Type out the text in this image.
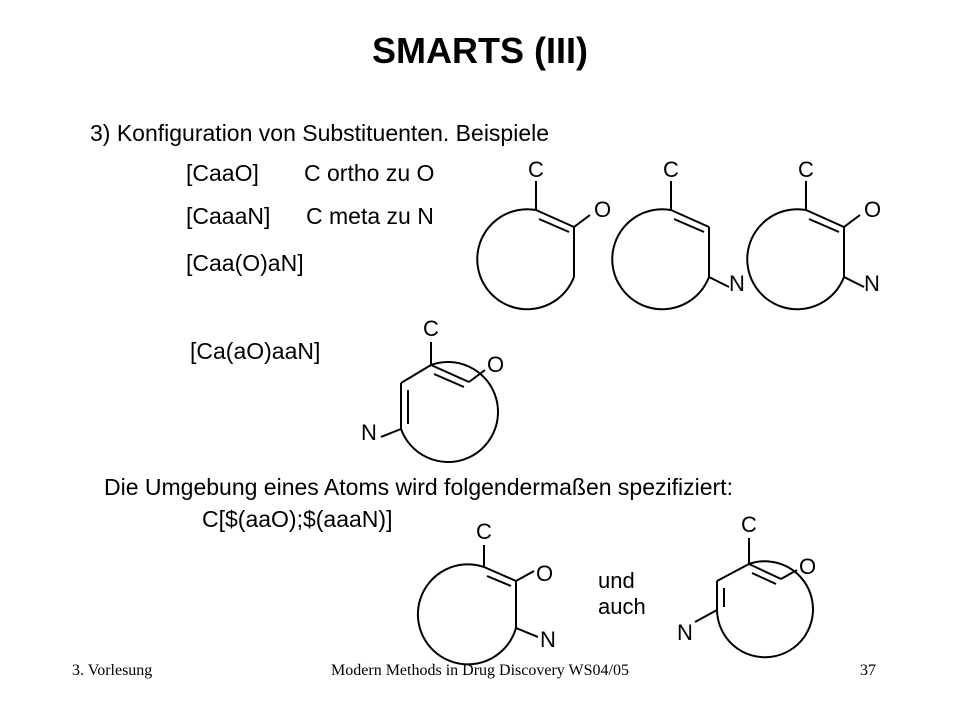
SMARTS (III)
3) Konfiguration von Substituenten. Beispiele
[CaaO] C ortho zu O
[CaaaN] C meta zu N
[Caa(O)aN]
[Ca(aO)aaN]
Die Umgebung eines Atoms wird folgendermaßen spezifiziert:
C[$(aaO);$(aaaN)]
C
O
C
N
C
O
N
C
O
N
C
O
N
und
auch
C
O
N
3. Vorlesung	Modern Methods in Drug Discovery WS04/05	37
